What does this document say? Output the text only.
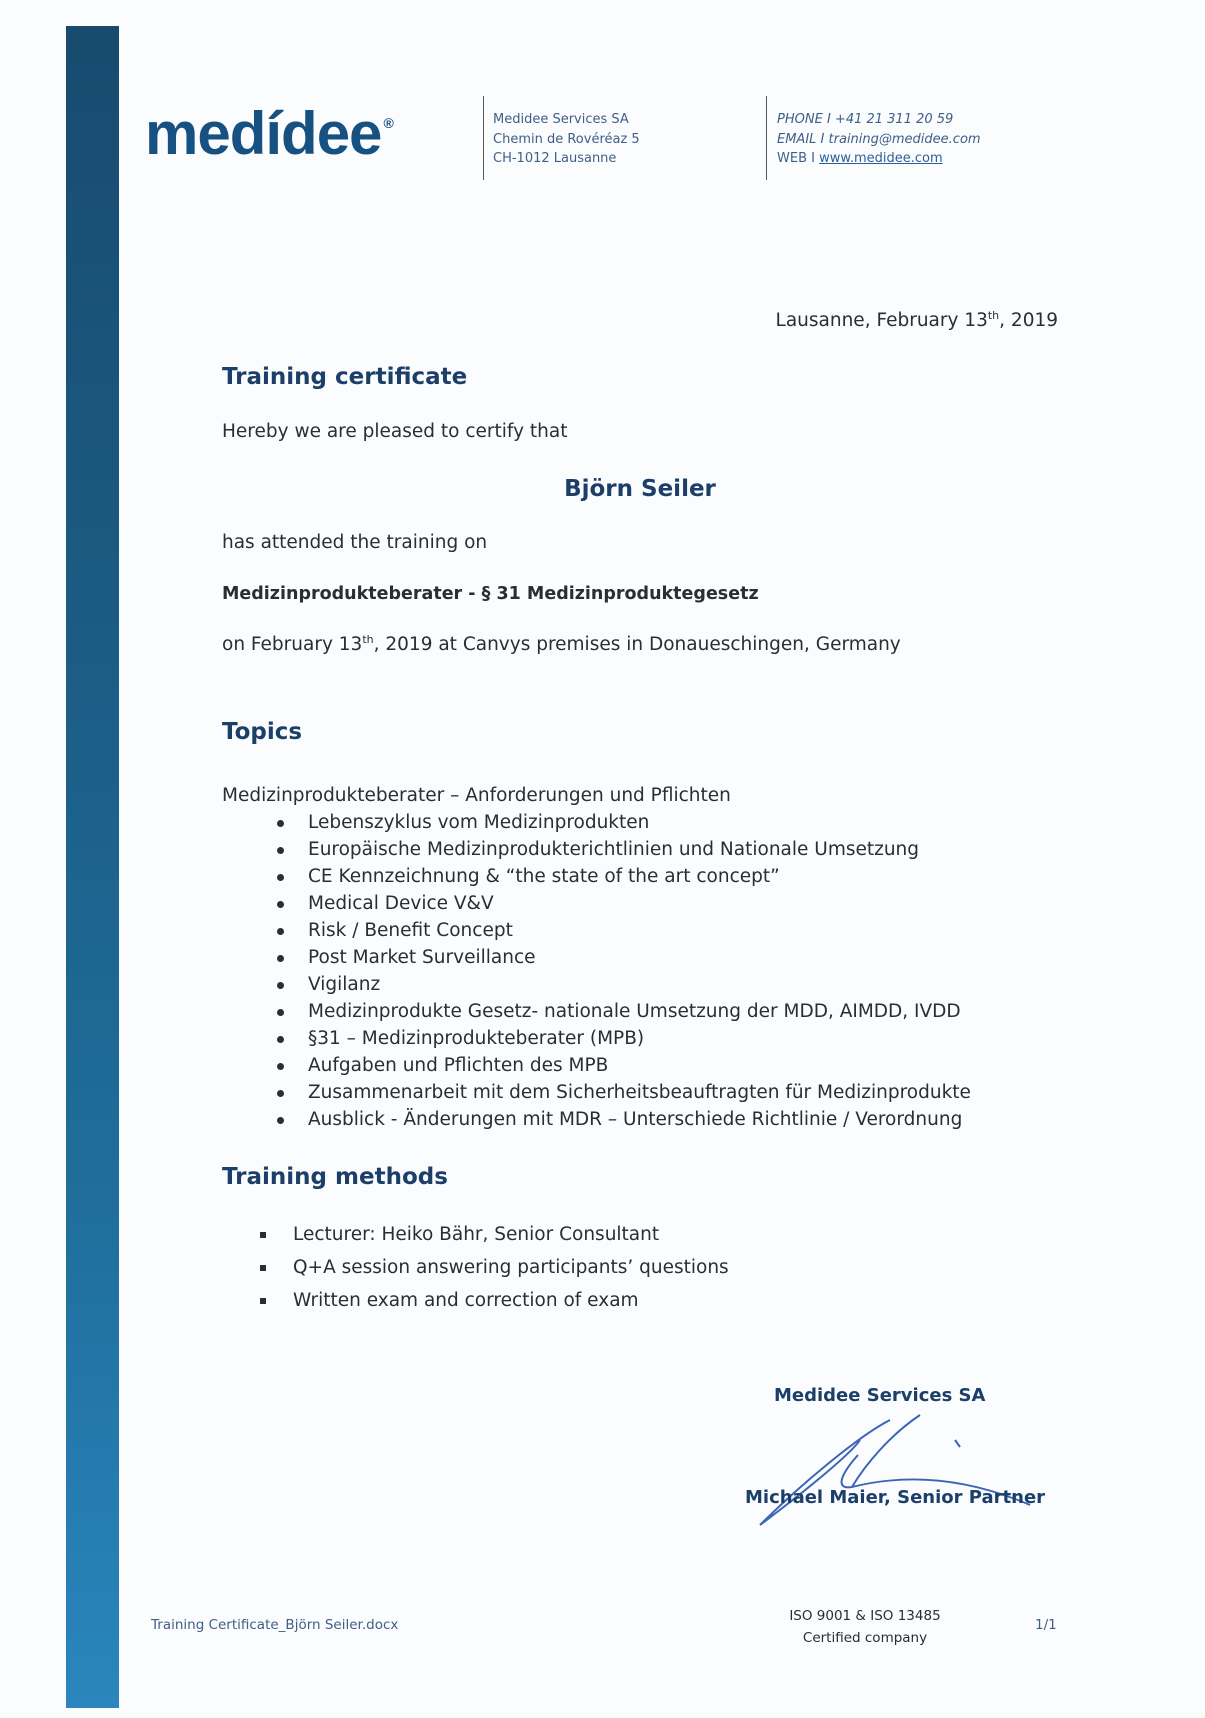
medídee ®	Medidee Services SA
Chemin de Rovéréaz 5
CH-1012 Lausanne
PHONE I +41 21 311 20 59
EMAIL I training@medidee.com
WEB I www.medidee.com
Lausanne, February 13th, 2019
Training certificate
Hereby we are pleased to certify that
Björn Seiler
has attended the training on
Medizinprodukteberater - § 31 Medizinproduktegesetz
on February 13th, 2019 at Canvys premises in Donaueschingen, Germany
Topics
Medizinprodukteberater – Anforderungen und Pflichten
Lebenszyklus vom Medizinprodukten
Europäische Medizinprodukterichtlinien und Nationale Umsetzung
CE Kennzeichnung & “the state of the art concept”
Medical Device V&V
Risk / Benefit Concept
Post Market Surveillance
Vigilanz
Medizinprodukte Gesetz- nationale Umsetzung der MDD, AIMDD, IVDD
§31 – Medizinprodukteberater (MPB)
Aufgaben und Pflichten des MPB
Zusammenarbeit mit dem Sicherheitsbeauftragten für Medizinprodukte
Ausblick - Änderungen mit MDR – Unterschiede Richtlinie / Verordnung
Training methods
Lecturer: Heiko Bähr, Senior Consultant
Q+A session answering participants’ questions
Written exam and correction of exam
Medidee Services SA
Michael Maier, Senior Partner
Training Certificate_Björn Seiler.docx
ISO 9001 & ISO 13485
Certified company
1/1
